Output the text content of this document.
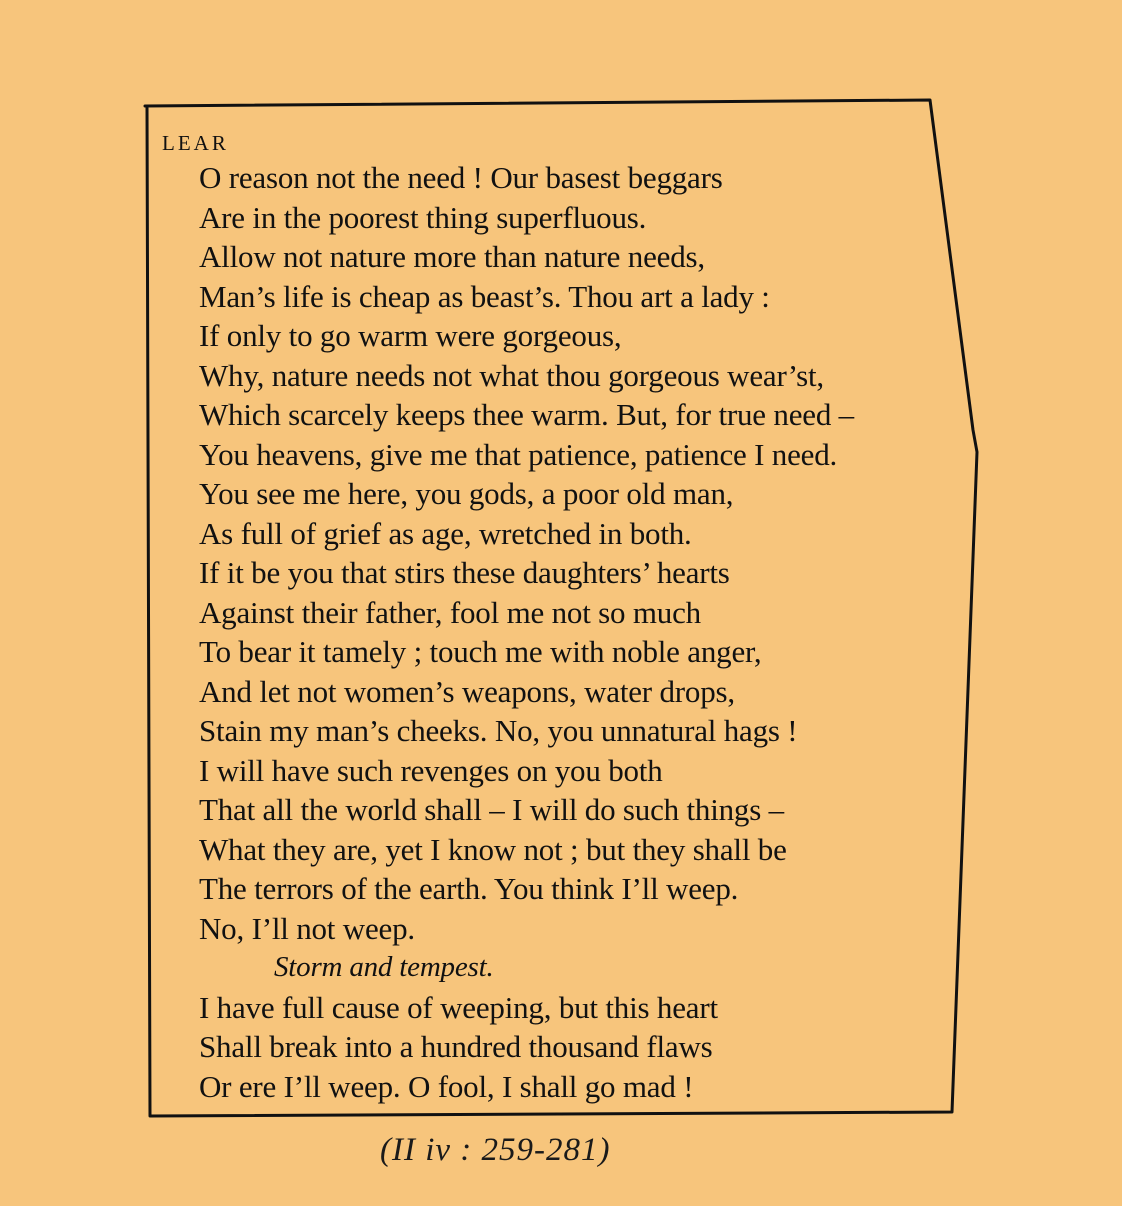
LEAR

O reason not the need ! Our basest beggars
Are in the poorest thing superfluous.
Allow not nature more than nature needs,
Man’s life is cheap as beast’s. Thou art a lady :
If only to go warm were gorgeous,
Why, nature needs not what thou gorgeous wear’st,
Which scarcely keeps thee warm. But, for true need –
You heavens, give me that patience, patience I need.
You see me here, you gods, a poor old man,
As full of grief as age, wretched in both.
If it be you that stirs these daughters’ hearts
Against their father, fool me not so much
To bear it tamely ; touch me with noble anger,
And let not women’s weapons, water drops,
Stain my man’s cheeks. No, you unnatural hags !
I will have such revenges on you both
That all the world shall – I will do such things –
What they are, yet I know not ; but they shall be
The terrors of the earth. You think I’ll weep.
No, I’ll not weep.
Storm and tempest.
I have full cause of weeping, but this heart
Shall break into a hundred thousand flaws
Or ere I’ll weep. O fool, I shall go mad !

(II iv : 259-281)
